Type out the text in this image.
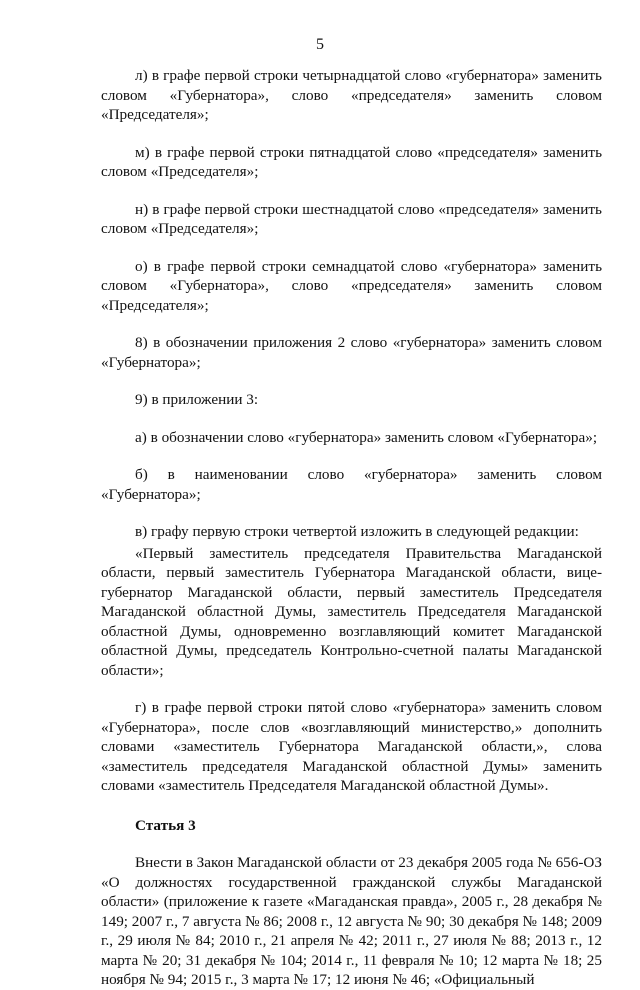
5

л) в графе первой строки четырнадцатой слово «губернатора» заменить словом «Губернатора», слово «председателя» заменить словом «Председателя»;

м) в графе первой строки пятнадцатой слово «председателя» заменить словом «Председателя»;

н) в графе первой строки шестнадцатой слово «председателя» заменить словом «Председателя»;

о) в графе первой строки семнадцатой слово «губернатора» заменить словом «Губернатора», слово «председателя» заменить словом «Председателя»;

8) в обозначении приложения 2 слово «губернатора» заменить словом «Губернатора»;

9) в приложении 3:

а) в обозначении слово «губернатора» заменить словом «Губернатора»;

б) в наименовании слово «губернатора» заменить словом «Губернатора»;

в) графу первую строки четвертой изложить в следующей редакции:

«Первый заместитель председателя Правительства Магаданской области, первый заместитель Губернатора Магаданской области, вице-губернатор Магаданской области, первый заместитель Председателя Магаданской областной Думы, заместитель Председателя Магаданской областной Думы, одновременно возглавляющий комитет Магаданской областной Думы, председатель Контрольно-счетной палаты Магаданской области»;

г) в графе первой строки пятой слово «губернатора» заменить словом «Губернатора», после слов «возглавляющий министерство,» дополнить словами «заместитель Губернатора Магаданской области,», слова «заместитель председателя Магаданской областной Думы» заменить словами «заместитель Председателя Магаданской областной Думы».

Статья 3

Внести в Закон Магаданской области от 23 декабря 2005 года № 656-ОЗ «О должностях государственной гражданской службы Магаданской области» (приложение к газете «Магаданская правда», 2005 г., 28 декабря № 149; 2007 г., 7 августа № 86; 2008 г., 12 августа № 90; 30 декабря № 148; 2009 г., 29 июля № 84; 2010 г., 21 апреля № 42; 2011 г., 27 июля № 88; 2013 г., 12 марта № 20; 31 декабря № 104; 2014 г., 11 февраля № 10; 12 марта № 18; 25 ноября № 94; 2015 г., 3 марта № 17; 12 июня № 46; «Официальный
